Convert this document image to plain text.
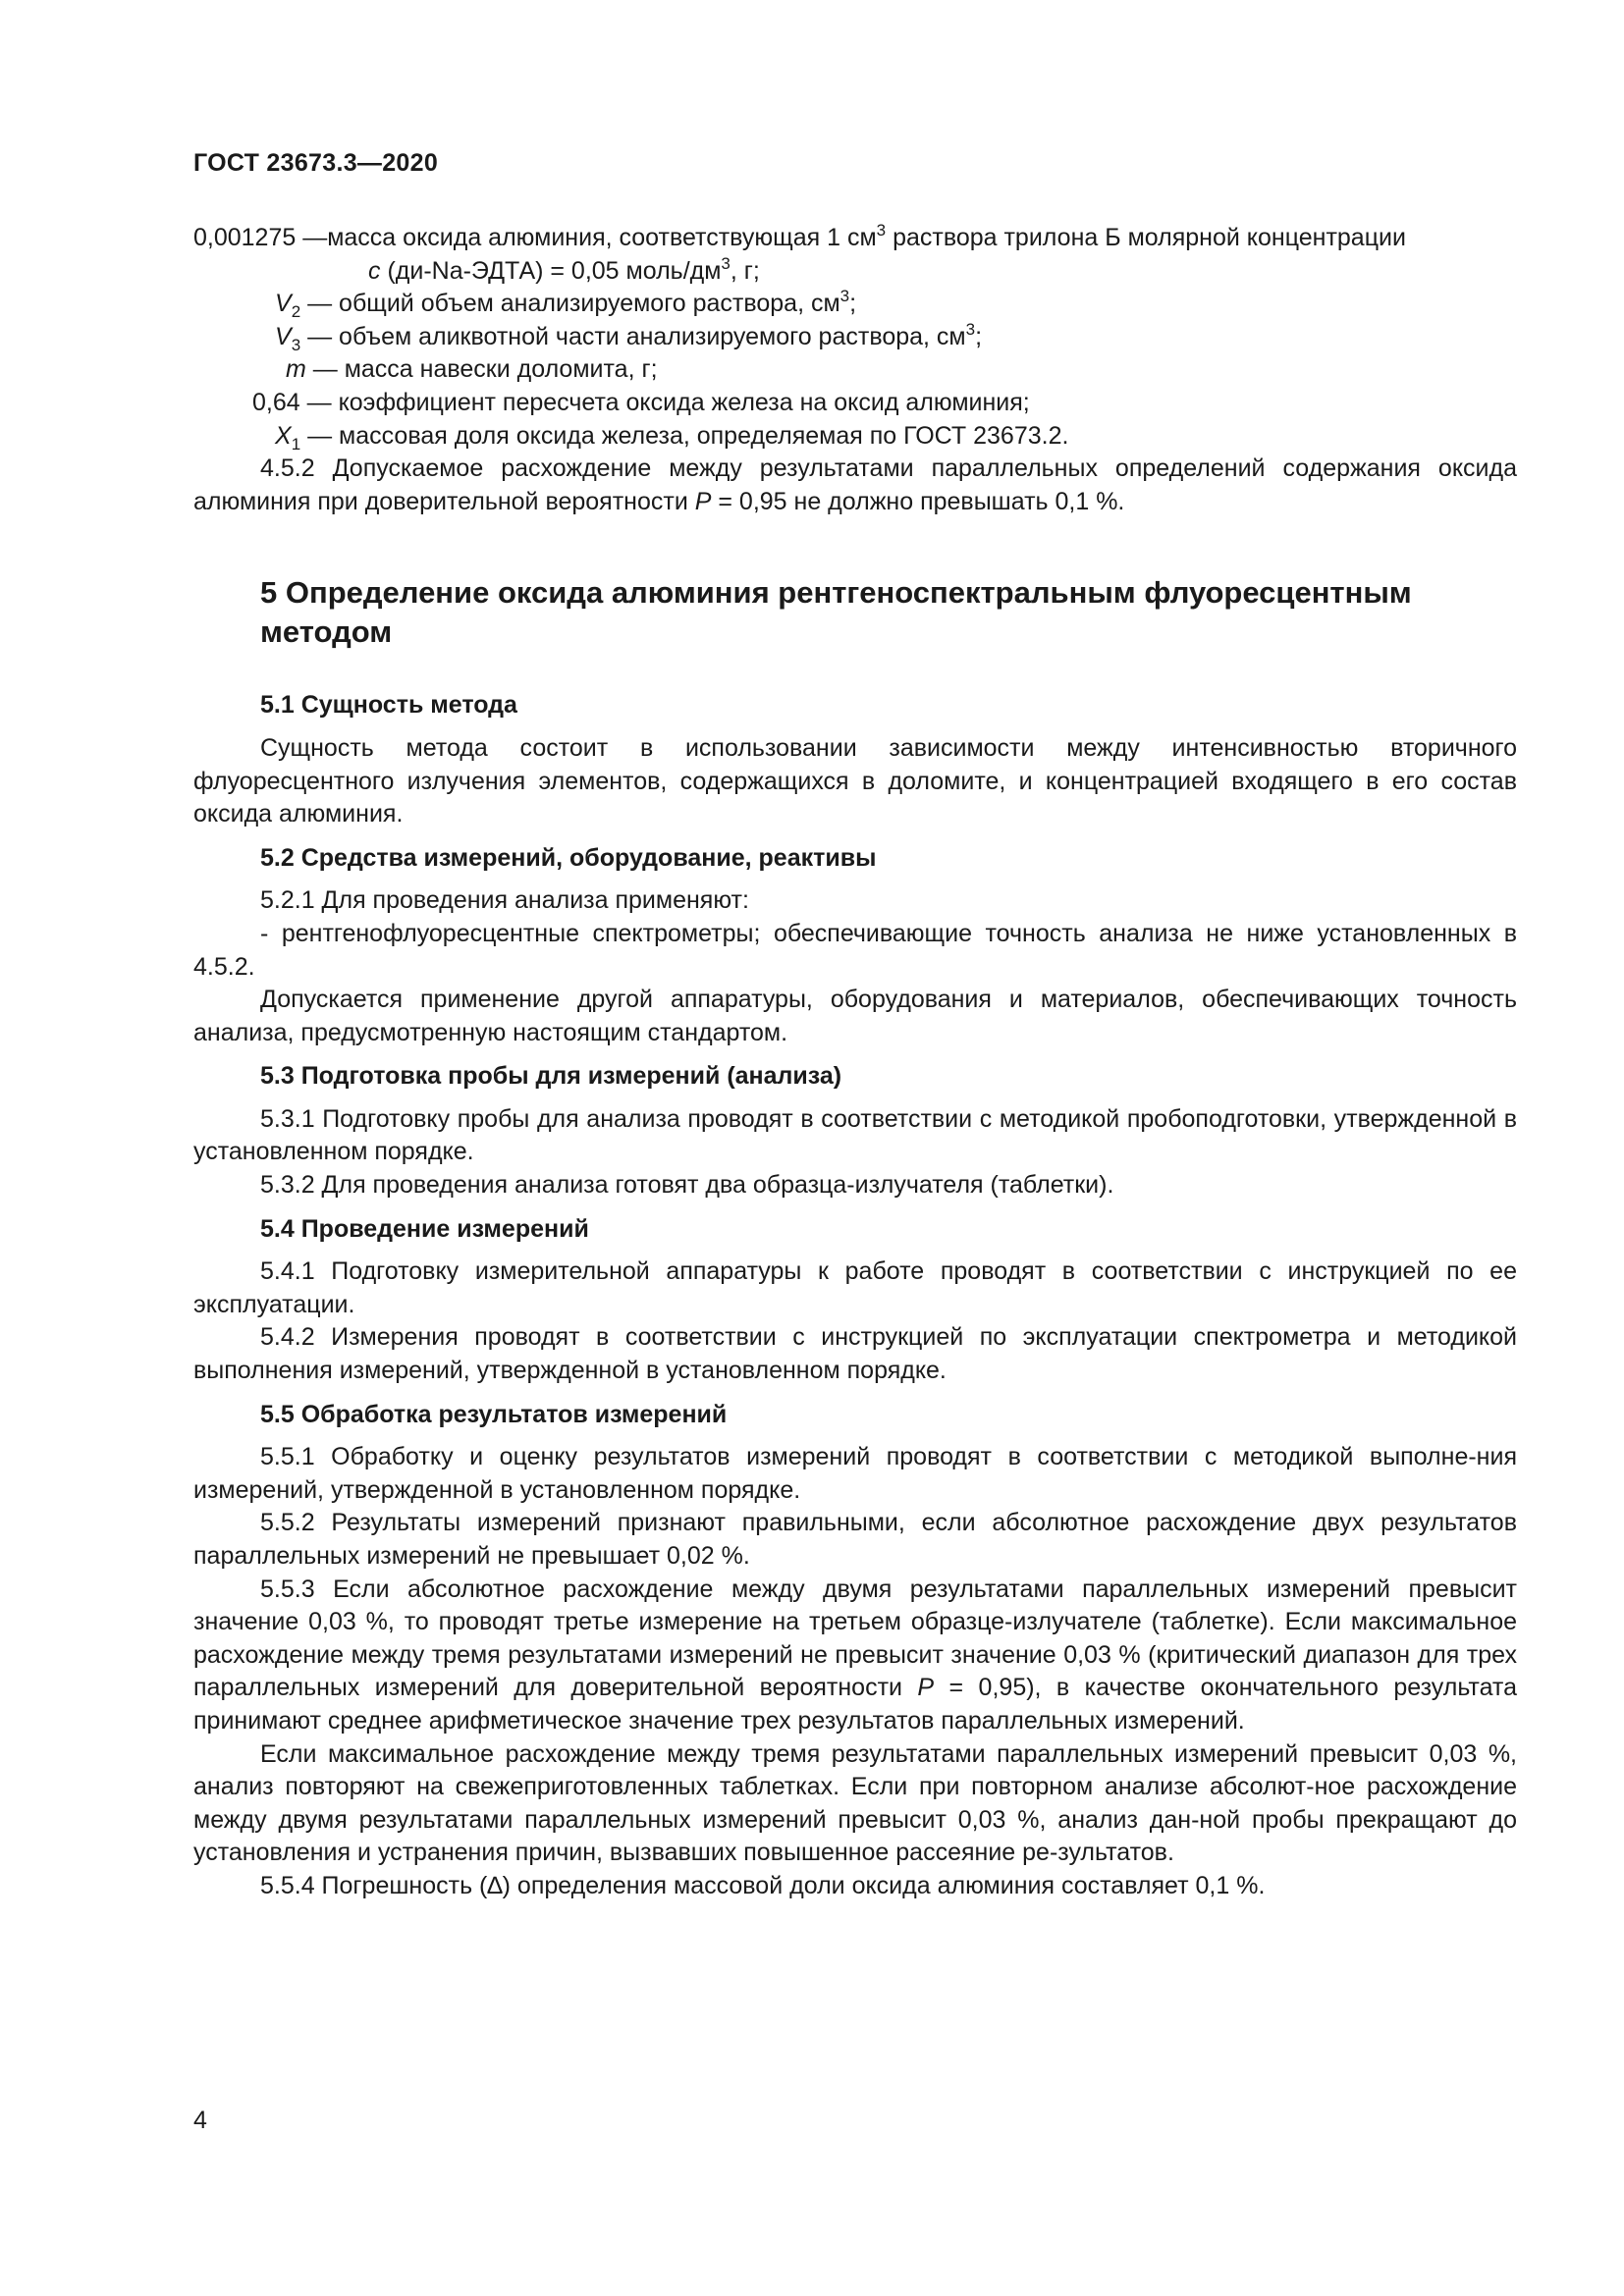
ГОСТ 23673.3—2020
0,001275 — масса оксида алюминия, соответствующая 1 $см^3$ раствора трилона Б молярной концентрации
c (ди-Na-ЭДТА) = 0,05 моль/$дм^3$, г;
$V_2$ — общий объем анализируемого раствора, $см^3$;
$V_3$ — объем аликвотной части анализируемого раствора, $см^3$;
m — масса навески доломита, г;
0,64 — коэффициент пересчета оксида железа на оксид алюминия;
$X_1$ — массовая доля оксида железа, определяемая по ГОСТ 23673.2.

4.5.2 Допускаемое расхождение между результатами параллельных определений содержания оксида алюминия при доверительной вероятности P = 0,95 не должно превышать 0,1 %.

5 Определение оксида алюминия рентгеноспектральным флуоресцентным методом
5.1 Сущность метода

Сущность метода состоит в использовании зависимости между интенсивностью вторичного флуоресцентного излучения элементов, содержащихся в доломите, и концентрацией входящего в его состав оксида алюминия.

5.2 Средства измерений, оборудование, реактивы

5.2.1 Для проведения анализа применяют:

- рентгенофлуоресцентные спектрометры; обеспечивающие точность анализа не ниже установленных в 4.5.2.

Допускается применение другой аппаратуры, оборудования и материалов, обеспечивающих точность анализа, предусмотренную настоящим стандартом.

5.3 Подготовка пробы для измерений (анализа)

5.3.1 Подготовку пробы для анализа проводят в соответствии с методикой пробоподготовки, утвержденной в установленном порядке.

5.3.2 Для проведения анализа готовят два образца-излучателя (таблетки).

5.4 Проведение измерений

5.4.1 Подготовку измерительной аппаратуры к работе проводят в соответствии с инструкцией по ее эксплуатации.

5.4.2 Измерения проводят в соответствии с инструкцией по эксплуатации спектрометра и методикой выполнения измерений, утвержденной в установленном порядке.

5.5 Обработка результатов измерений

5.5.1 Обработку и оценку результатов измерений проводят в соответствии с методикой выполне-ния измерений, утвержденной в установленном порядке.

5.5.2 Результаты измерений признают правильными, если абсолютное расхождение двух результатов параллельных измерений не превышает 0,02 %.

5.5.3 Если абсолютное расхождение между двумя результатами параллельных измерений превысит значение 0,03 %, то проводят третье измерение на третьем образце-излучателе (таблетке). Если максимальное расхождение между тремя результатами измерений не превысит значение 0,03 % (критический диапазон для трех параллельных измерений для доверительной вероятности P = 0,95), в качестве окончательного результата принимают среднее арифметическое значение трех результатов параллельных измерений.

Если максимальное расхождение между тремя результатами параллельных измерений превысит 0,03 %, анализ повторяют на свежеприготовленных таблетках. Если при повторном анализе абсолют-ное расхождение между двумя результатами параллельных измерений превысит 0,03 %, анализ дан-ной пробы прекращают до установления и устранения причин, вызвавших повышенное рассеяние ре-зультатов.

5.5.4 Погрешность (∆) определения массовой доли оксида алюминия составляет 0,1 %.

4
